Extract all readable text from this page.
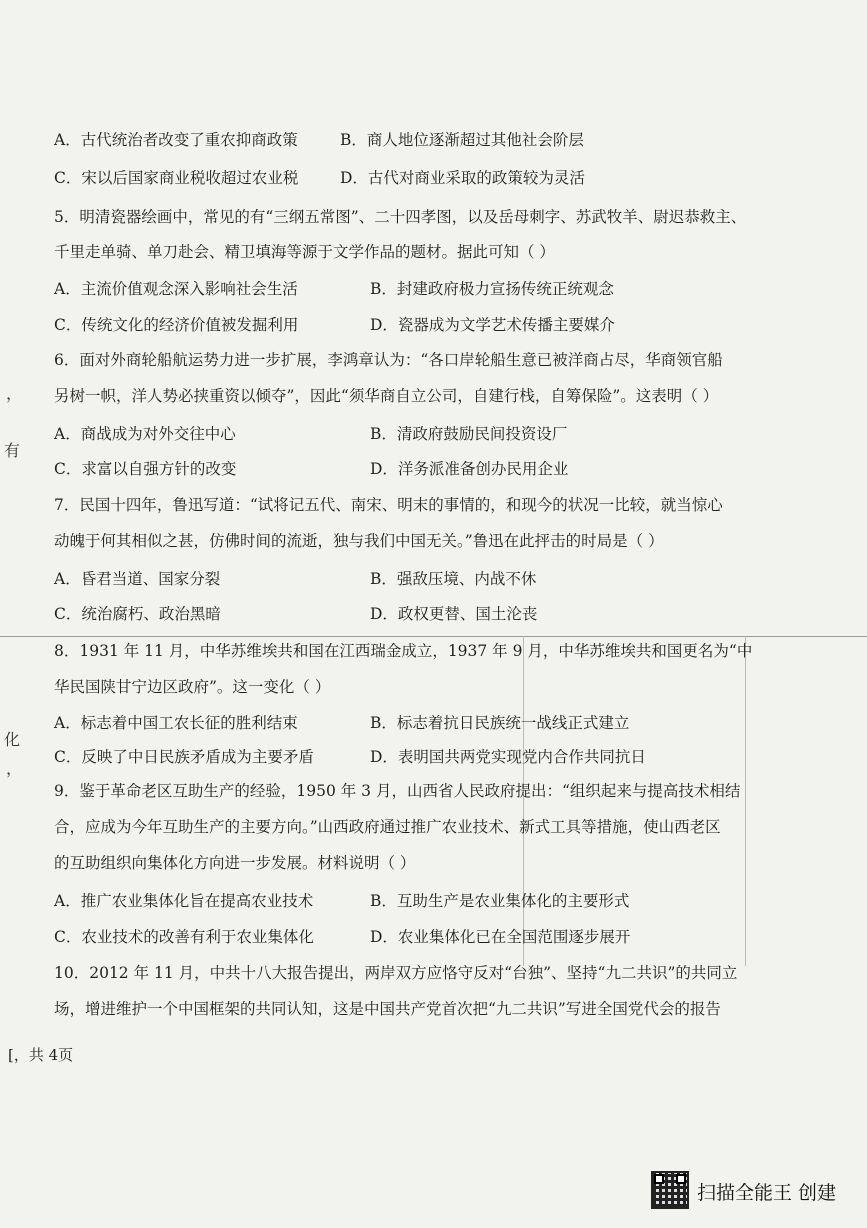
，
有
化
，
A．古代统治者改变了重农抑商政策	B．商人地位逐渐超过其他社会阶层
C．宋以后国家商业税收超过农业税	D．古代对商业采取的政策较为灵活
5．明清瓷器绘画中，常见的有“三纲五常图”、二十四孝图，以及岳母刺字、苏武牧羊、尉迟恭救主、
千里走单骑、单刀赴会、精卫填海等源于文学作品的题材。据此可知（ ）
A．主流价值观念深入影响社会生活	B．封建政府极力宣扬传统正统观念
C．传统文化的经济价值被发掘利用	D．瓷器成为文学艺术传播主要媒介
6．面对外商轮船航运势力进一步扩展，李鸿章认为：“各口岸轮船生意已被洋商占尽，华商领官船
另树一帜，洋人势必挟重资以倾夺”，因此“须华商自立公司，自建行栈，自筹保险”。这表明（ ）
A．商战成为对外交往中心	B．清政府鼓励民间投资设厂
C．求富以自强方针的改变	D．洋务派准备创办民用企业
7．民国十四年，鲁迅写道：“试将记五代、南宋、明末的事情的，和现今的状况一比较，就当惊心
动魄于何其相似之甚，仿佛时间的流逝，独与我们中国无关。”鲁迅在此抨击的时局是（ ）
A．昏君当道、国家分裂	B．强敌压境、内战不休
C．统治腐朽、政治黑暗	D．政权更替、国土沦丧
8．1931 年 11 月，中华苏维埃共和国在江西瑞金成立，1937 年 9 月，中华苏维埃共和国更名为“中
华民国陕甘宁边区政府”。这一变化（ ）
A．标志着中国工农长征的胜利结束	B．标志着抗日民族统一战线正式建立
C．反映了中日民族矛盾成为主要矛盾	D．表明国共两党实现党内合作共同抗日
9．鉴于革命老区互助生产的经验，1950 年 3 月，山西省人民政府提出：“组织起来与提高技术相结
合，应成为今年互助生产的主要方向。”山西政府通过推广农业技术、新式工具等措施，使山西老区
的互助组织向集体化方向进一步发展。材料说明（ ）
A．推广农业集体化旨在提高农业技术	B．互助生产是农业集体化的主要形式
C．农业技术的改善有利于农业集体化	D．农业集体化已在全国范围逐步展开
10．2012 年 11 月，中共十八大报告提出，两岸双方应恪守反对“台独”、坚持“九二共识”的共同立
场，增进维护一个中国框架的共同认知，这是中国共产党首次把“九二共识”写进全国党代会的报告
[，共 4页
扫描全能王 创建
